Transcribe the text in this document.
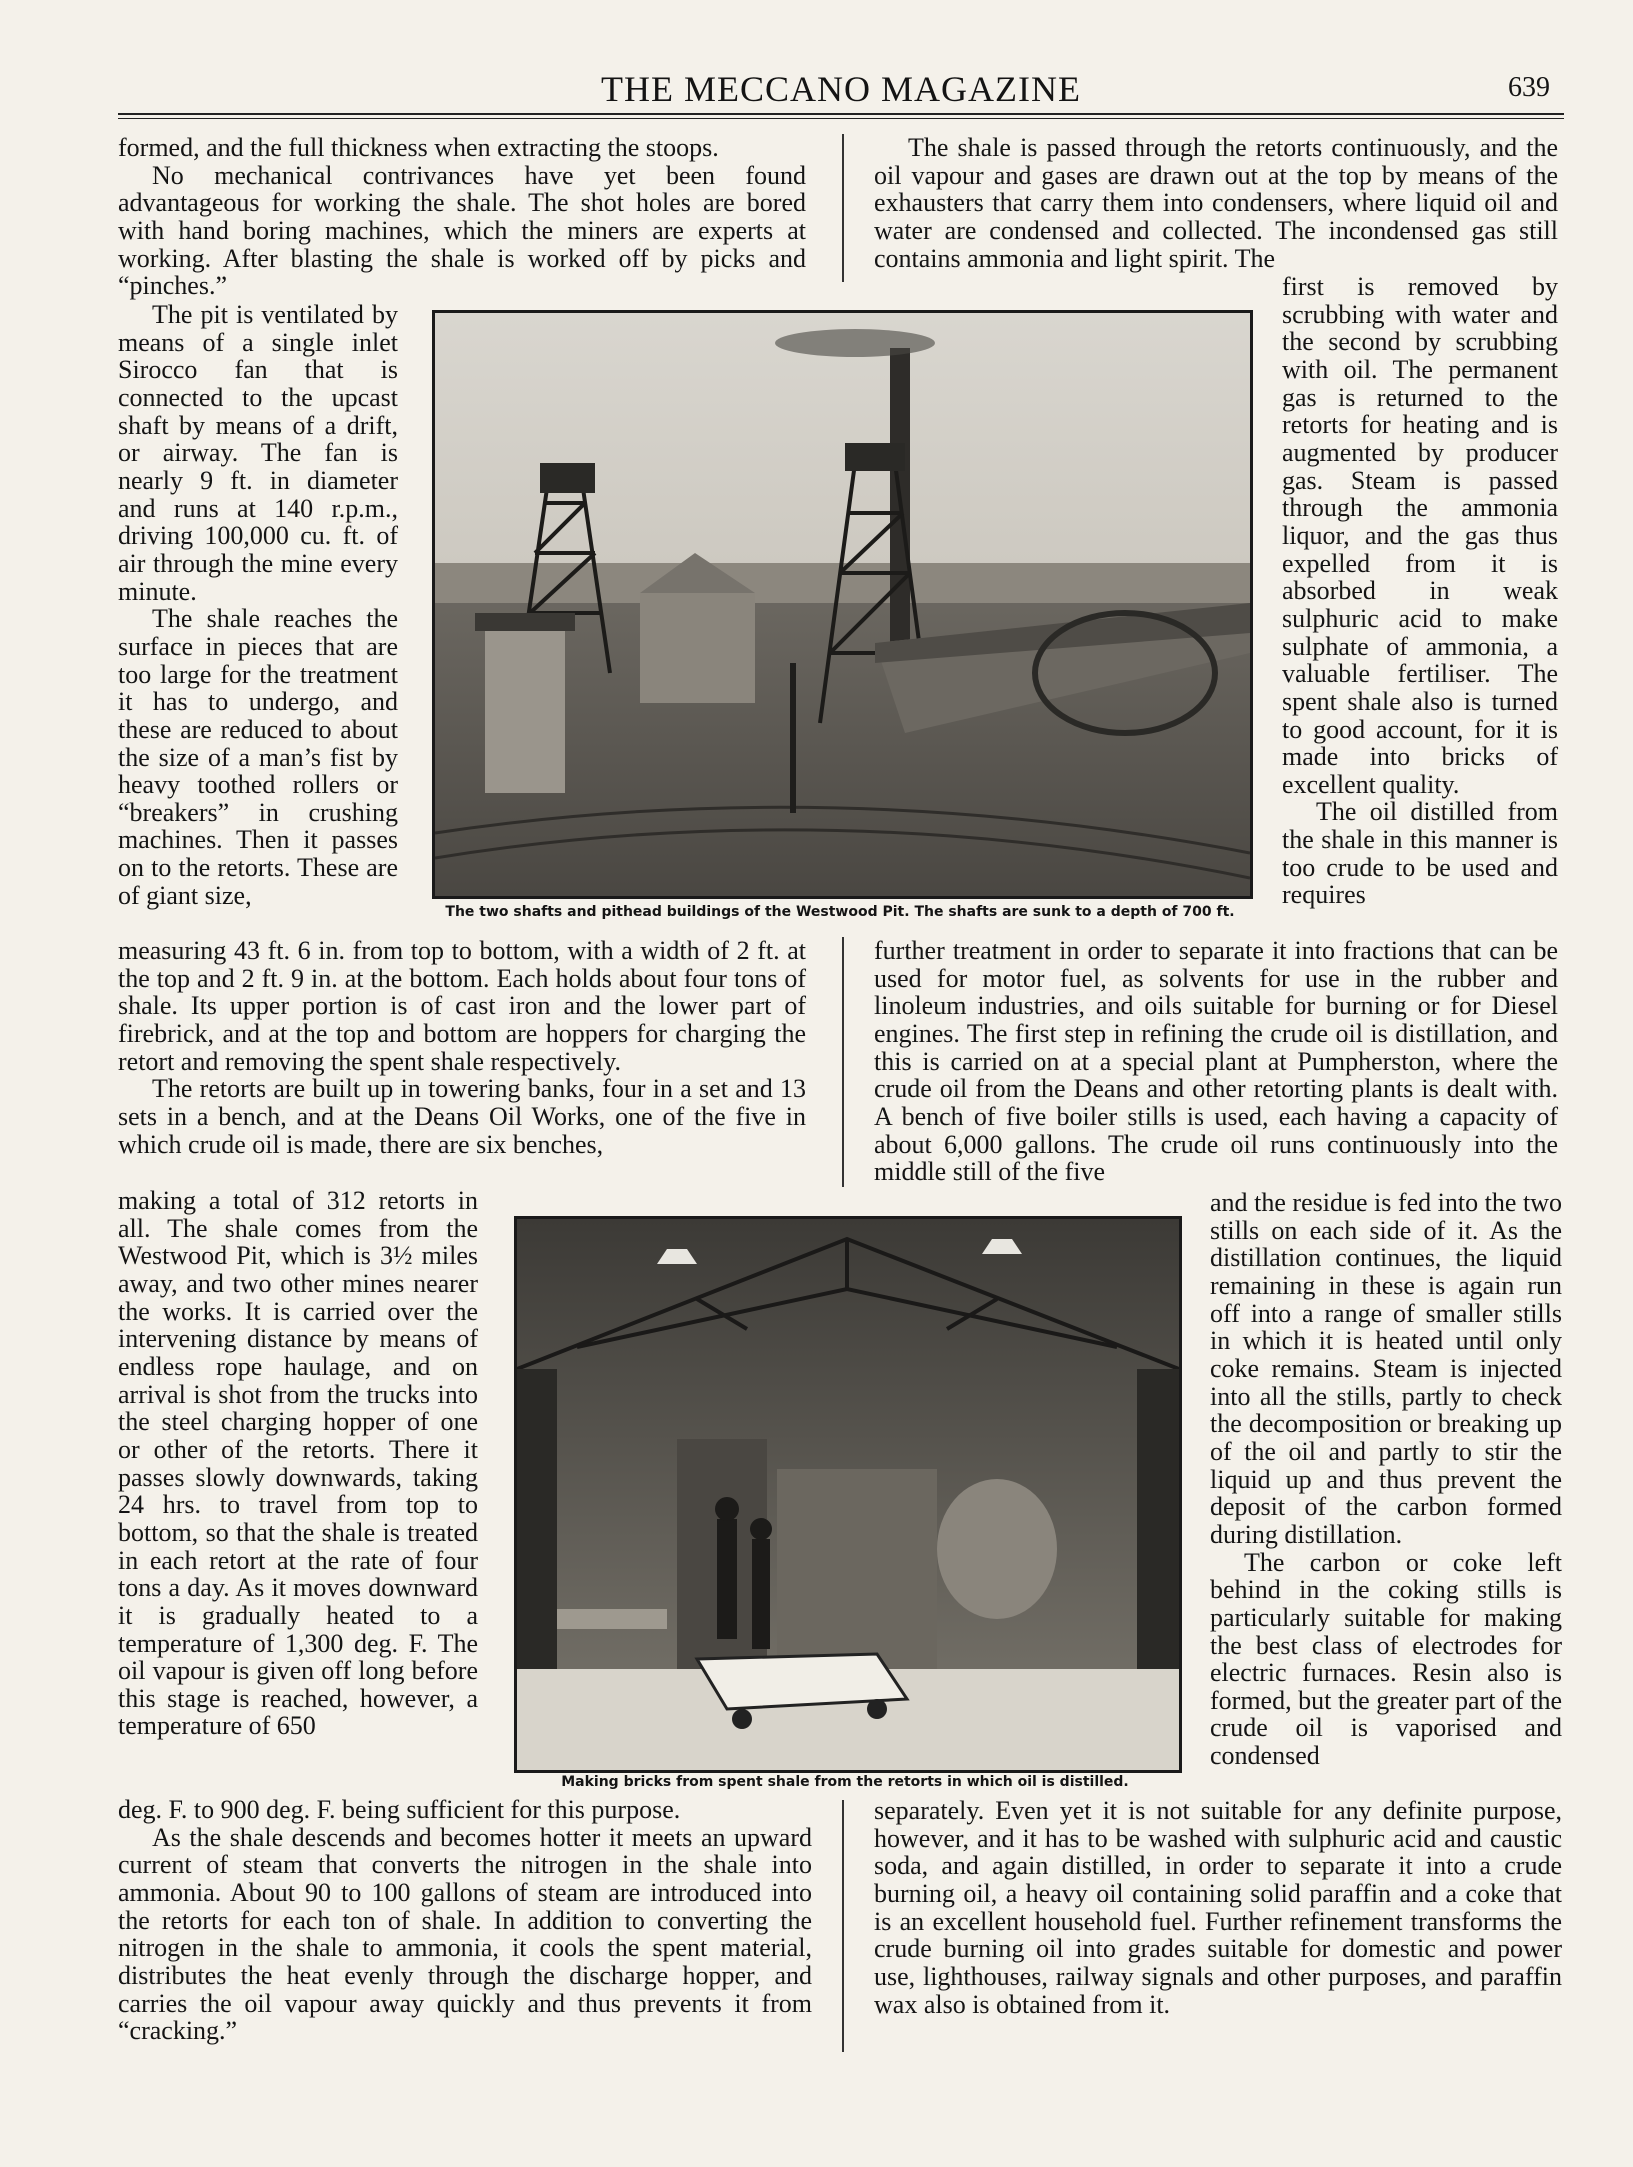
THE MECCANO MAGAZINE	639

formed, and the full thickness when extracting the stoops.

No mechanical contrivances have yet been found advantageous for working the shale. The shot holes are bored with hand boring machines, which the miners are experts at working. After blasting the shale is worked off by picks and “pinches.”

The pit is ventilated by means of a single inlet Sirocco fan that is connected to the upcast shaft by means of a drift, or airway. The fan is nearly 9 ft. in diameter and runs at 140 r.p.m., driving 100,000 cu. ft. of air through the mine every minute.

The shale reaches the surface in pieces that are too large for the treatment it has to undergo, and these are reduced to about the size of a man’s fist by heavy toothed rollers or “breakers” in crushing machines. Then it passes on to the retorts. These are of giant size,

measuring 43 ft. 6 in. from top to bottom, with a width of 2 ft. at the top and 2 ft. 9 in. at the bottom. Each holds about four tons of shale. Its upper portion is of cast iron and the lower part of firebrick, and at the top and bottom are hoppers for charging the retort and removing the spent shale respectively.

The retorts are built up in towering banks, four in a set and 13 sets in a bench, and at the Deans Oil Works, one of the five in which crude oil is made, there are six benches,

making a total of 312 retorts in all. The shale comes from the Westwood Pit, which is 3½ miles away, and two other mines nearer the works. It is carried over the intervening distance by means of endless rope haulage, and on arrival is shot from the trucks into the steel charging hopper of one or other of the retorts. There it passes slowly downwards, taking 24 hrs. to travel from top to bottom, so that the shale is treated in each retort at the rate of four tons a day. As it moves downward it is gradually heated to a temperature of 1,300 deg. F. The oil vapour is given off long before this stage is reached, however, a temperature of 650

deg. F. to 900 deg. F. being sufficient for this purpose.

As the shale descends and becomes hotter it meets an upward current of steam that converts the nitrogen in the shale into ammonia. About 90 to 100 gallons of steam are introduced into the retorts for each ton of shale. In addition to converting the nitrogen in the shale to ammonia, it cools the spent material, distributes the heat evenly through the discharge hopper, and carries the oil vapour away quickly and thus prevents it from “cracking.”

The shale is passed through the retorts continuously, and the oil vapour and gases are drawn out at the top by means of the exhausters that carry them into condensers, where liquid oil and water are condensed and collected. The incondensed gas still contains ammonia and light spirit. The

first is removed by scrubbing with water and the second by scrubbing with oil. The permanent gas is returned to the retorts for heating and is augmented by producer gas. Steam is passed through the ammonia liquor, and the gas thus expelled from it is absorbed in weak sulphuric acid to make sulphate of ammonia, a valuable fertiliser. The spent shale also is turned to good account, for it is made into bricks of excellent quality.

The oil distilled from the shale in this manner is too crude to be used and requires

further treatment in order to separate it into fractions that can be used for motor fuel, as solvents for use in the rubber and linoleum industries, and oils suitable for burning or for Diesel engines. The first step in refining the crude oil is distillation, and this is carried on at a special plant at Pumpherston, where the crude oil from the Deans and other retorting plants is dealt with. A bench of five boiler stills is used, each having a capacity of about 6,000 gallons. The crude oil runs continuously into the middle still of the five

and the residue is fed into the two stills on each side of it. As the distillation continues, the liquid remaining in these is again run off into a range of smaller stills in which it is heated until only coke remains. Steam is injected into all the stills, partly to check the decomposition or breaking up of the oil and partly to stir the liquid up and thus prevent the deposit of the carbon formed during distillation.

The carbon or coke left behind in the coking stills is particularly suitable for making the best class of electrodes for electric furnaces. Resin also is formed, but the greater part of the crude oil is vaporised and condensed

separately. Even yet it is not suitable for any definite purpose, however, and it has to be washed with sulphuric acid and caustic soda, and again distilled, in order to separate it into a crude burning oil, a heavy oil containing solid paraffin and a coke that is an excellent household fuel. Further refinement transforms the crude burning oil into grades suitable for domestic and power use, lighthouses, railway signals and other purposes, and paraffin wax also is obtained from it.

The two shafts and pithead buildings of the Westwood Pit. The shafts are sunk to a depth of 700 ft.
Making bricks from spent shale from the retorts in which oil is distilled.
